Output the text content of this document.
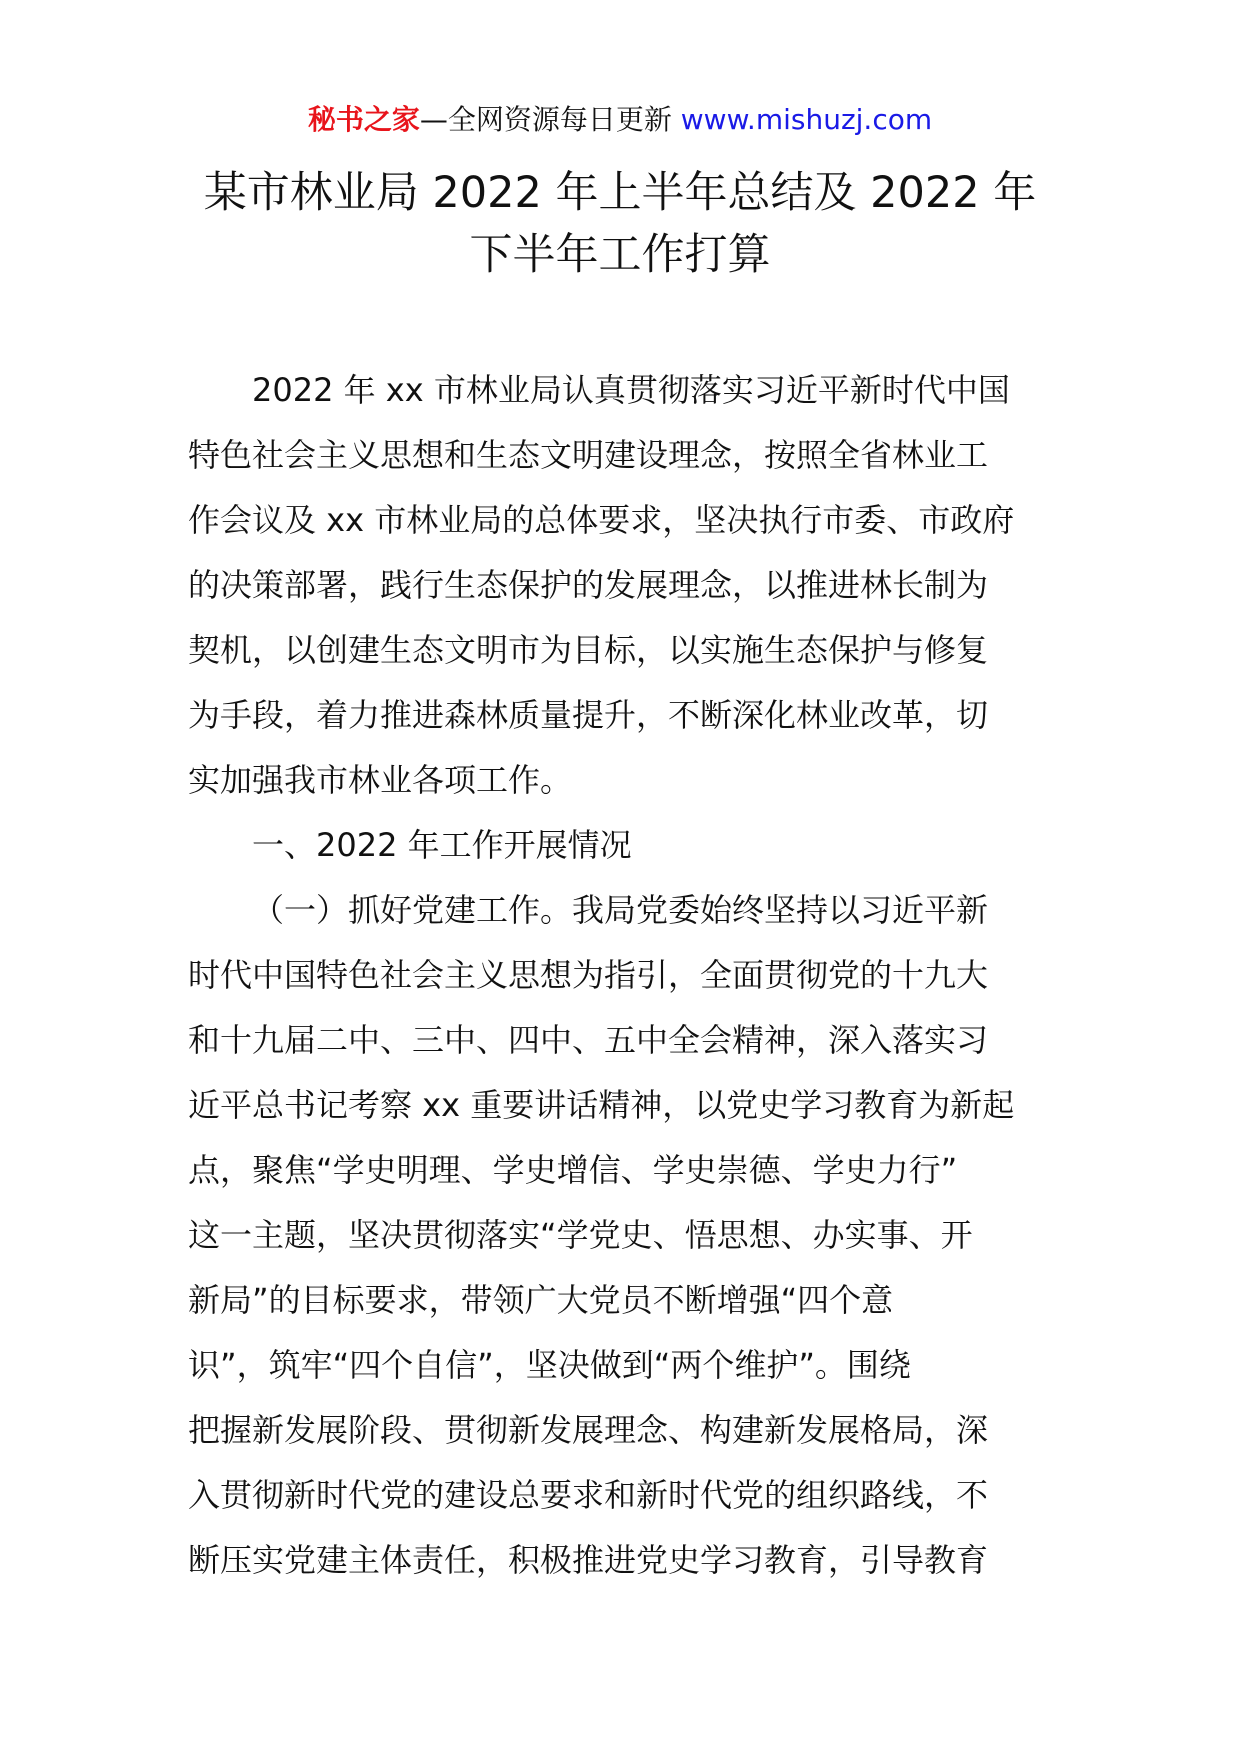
秘书之家—全网资源每日更新 www.mishuzj.com
某市林业局 2022 年上半年总结及 2022 年
下半年工作打算
2022 年 xx 市林业局认真贯彻落实习近平新时代中国
特色社会主义思想和生态文明建设理念，按照全省林业工
作会议及 xx 市林业局的总体要求，坚决执行市委、市政府
的决策部署，践行生态保护的发展理念，以推进林长制为
契机，以创建生态文明市为目标，以实施生态保护与修复
为手段，着力推进森林质量提升，不断深化林业改革，切
实加强我市林业各项工作。
一、2022 年工作开展情况
（一）抓好党建工作。我局党委始终坚持以习近平新
时代中国特色社会主义思想为指引，全面贯彻党的十九大
和十九届二中、三中、四中、五中全会精神，深入落实习
近平总书记考察 xx 重要讲话精神，以党史学习教育为新起
点，聚焦“学史明理、学史增信、学史崇德、学史力行”
这一主题，坚决贯彻落实“学党史、悟思想、办实事、开
新局”的目标要求，带领广大党员不断增强“四个意
识”，筑牢“四个自信”，坚决做到“两个维护”。围绕
把握新发展阶段、贯彻新发展理念、构建新发展格局，深
入贯彻新时代党的建设总要求和新时代党的组织路线，不
断压实党建主体责任，积极推进党史学习教育，引导教育
